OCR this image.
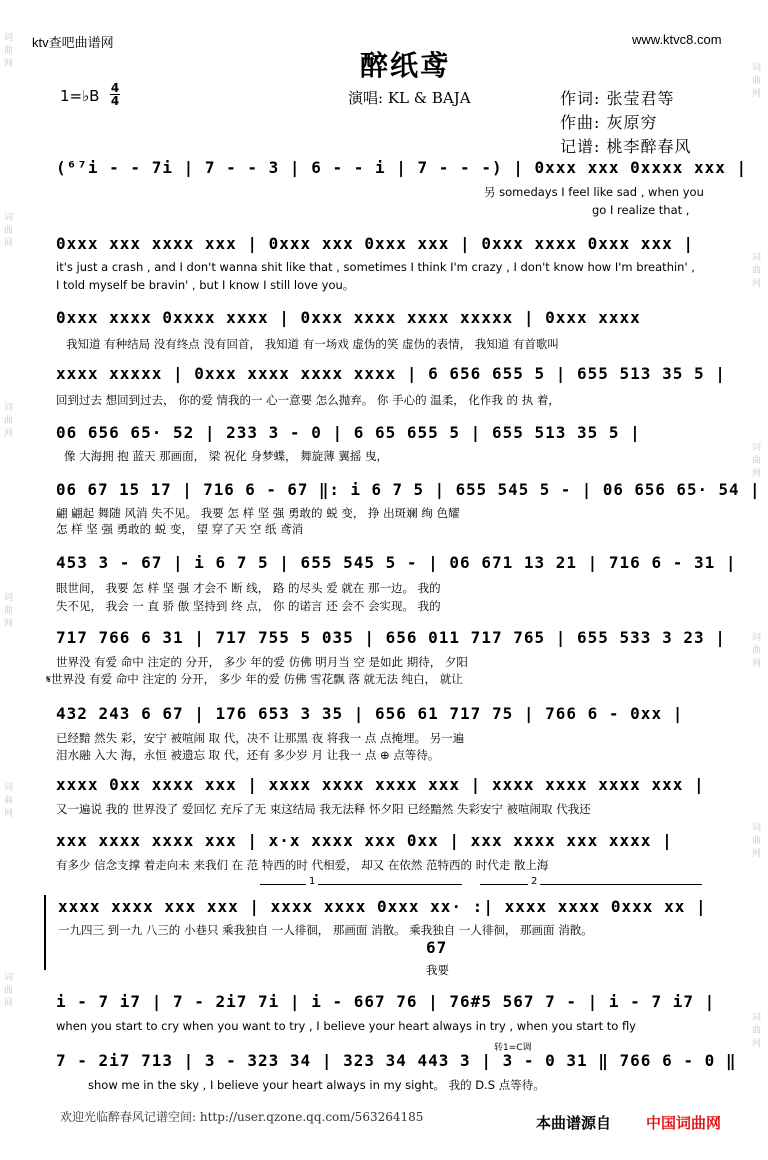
词曲网
词曲网
词曲网
词曲网
词曲网
词曲网
词曲网
词曲网
词曲网
词曲网
词曲网
词曲网
ktv查吧曲谱网	www.ktvc8.com
醉纸鸢
1=♭B 4
4	演唱: KL & BAJA	作词: 张莹君等
作曲: 灰原穷
记谱: 桃李醉春风
(⁶⁷i - - 7i | 7 - - 3 | 6 - - i | 7 - - -) | 0xxx xxx 0xxxx xxx |
另 somedays I feel like sad , when you
go I realize that ,
0xxx xxx xxxx xxx | 0xxx xxx 0xxx xxx | 0xxx xxxx 0xxx xxx |
it's just a crash , and I don't wanna shit like that , sometimes I think I'm crazy , I don't know how I'm breathin' ,
I told myself be bravin' , but I know I still love you。
0xxx xxxx 0xxxx xxxx | 0xxx xxxx xxxx xxxxx | 0xxx xxxx
我知道 有种结局 没有终点 没有回首， 我知道 有一场戏 虚伪的笑 虚伪的表情， 我知道 有首歌叫
xxxx xxxxx | 0xxx xxxx xxxx xxxx | 6 656 655 5 | 655 513 35 5 |
回到过去 想回到过去， 你的爱 情我的一 心一意要 怎么抛弃。 你 手心的 温柔， 化作我 的 执 着，
06 656 65· 52 | 233 3 - 0 | 6 65 655 5 | 655 513 35 5 |
像 大海拥 抱 蓝天 那画面， 梁 祝化 身梦蝶， 舞旋薄 翼摇 曳，
06 67 15 17 | 716 6 - 67 ‖: i 6 7 5 | 655 545 5 - | 06 656 65· 54 |
翩 翩起 舞随 风消 失不见。 我要 怎 样 坚 强 勇敢的 蜕 变， 挣 出斑斓 绚 色耀
怎 样 坚 强 勇敢的 蜕 变， 望 穿了天 空 纸 鸢消
453 3 - 67 | i 6 7 5 | 655 545 5 - | 06 671 13 21 | 716 6 - 31 |
眼世间， 我要 怎 样 坚 强 才会不 断 线， 路 的尽头 爱 就在 那一边。 我的
失不见， 我会 一 直 骄 傲 坚持到 终 点， 你 的诺言 还 会不 会实现。 我的
717 766 6 31 | 717 755 5 035 | 656 011 717 765 | 655 533 3 23 |
世界没 有爱 命中 注定的 分开， 多少 年的爱 仿佛 明月当 空 是如此 期待， 夕阳
𝄋世界没 有爱 命中 注定的 分开， 多少 年的爱 仿佛 雪花飘 落 就无法 纯白， 就让
432 243 6 67 | 176 653 3 35 | 656 61 717 75 | 766 6 - 0xx |
已经黯 然失 彩，安宁 被喧闹 取 代，决不 让那黑 夜 将我一 点 点掩埋。 另一遍
泪水融 入大 海，永恒 被遗忘 取 代，还有 多少岁 月 让我一 点 ⊕ 点等待。
xxxx 0xx xxxx xxx | xxxx xxxx xxxx xxx | xxxx xxxx xxxx xxx |
又一遍说 我的 世界没了 爱回忆 充斥了无 束这结局 我无法释 怀夕阳 已经黯然 失彩安宁 被喧闹取 代我还
xxx xxxx xxxx xxx | x·x xxxx xxx 0xx | xxx xxxx xxx xxxx |
有多少 信念支撑 着走向未 来我们 在 范 特西的时 代相爱， 却又 在依然 范特西的 时代走 散上海
1	2
xxxx xxxx xxx xxx | xxxx xxxx 0xxx xx· :| xxxx xxxx 0xxx xx |
一九四三 到一九 八三的 小巷只 乘我独自 一人徘徊， 那画面 消散。 乘我独自 一人徘徊， 那画面 消散。
67
我要
i - 7 i7 | 7 - 2i7 7i | i - 667 76 | 76#5 567 7 - | i - 7 i7 |
when you start to cry when you want to try , I believe your heart always in try , when you start to fly
转1=C调
7 - 2i7 713 | 3 - 323 34 | 323 34 443 3 | 3 - 0 31 ‖ 766 6 - 0 ‖
show me in the sky , I believe your heart always in my sight。 我的 D.S 点等待。
欢迎光临醉春风记谱空间: http://user.qzone.qq.com/563264185	本曲谱源自 中国词曲网
